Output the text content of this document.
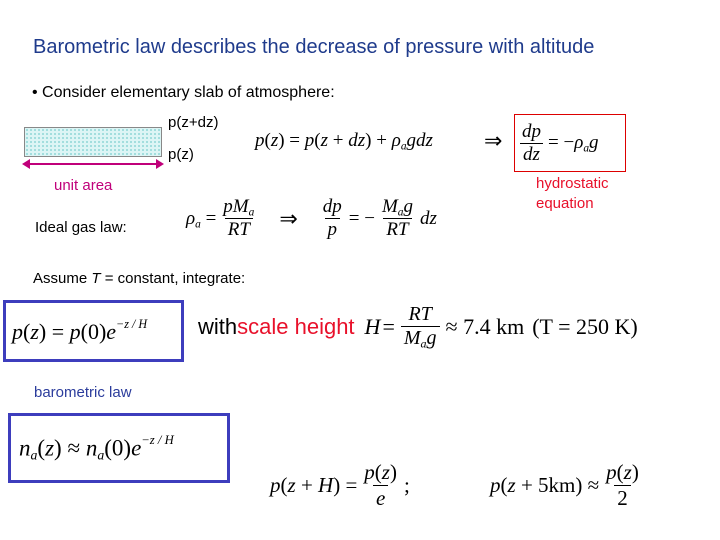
Barometric law describes the decrease of pressure with altitude
• Consider elementary slab of atmosphere:
p(z+dz)
p(z)
unit area
$p(z) = p(z + dz) + \rho_agdz$ ⇒ $\frac{dp}{dz} = -\rho_ag$
hydrostatic
equation
Ideal gas law:	$\rho_a = \frac{pM_a}{RT}$ ⇒ $\frac{dp}{p}$ = − $\frac{M_ag}{RT}$ dz
Assume T = constant, integrate:
$p(z) = p(0)e^{-z / H}$ with scale height $H = \frac{RT}{M_ag} \approx 7.4$ km (T = 250 K)
barometric law
$n_a(z) \approx n_a(0)e^{-z / H}$
$p(z + H) = \frac{p(z)}{e}$ ;	$p(z + 5km) \approx \frac{p(z)}{2}$
